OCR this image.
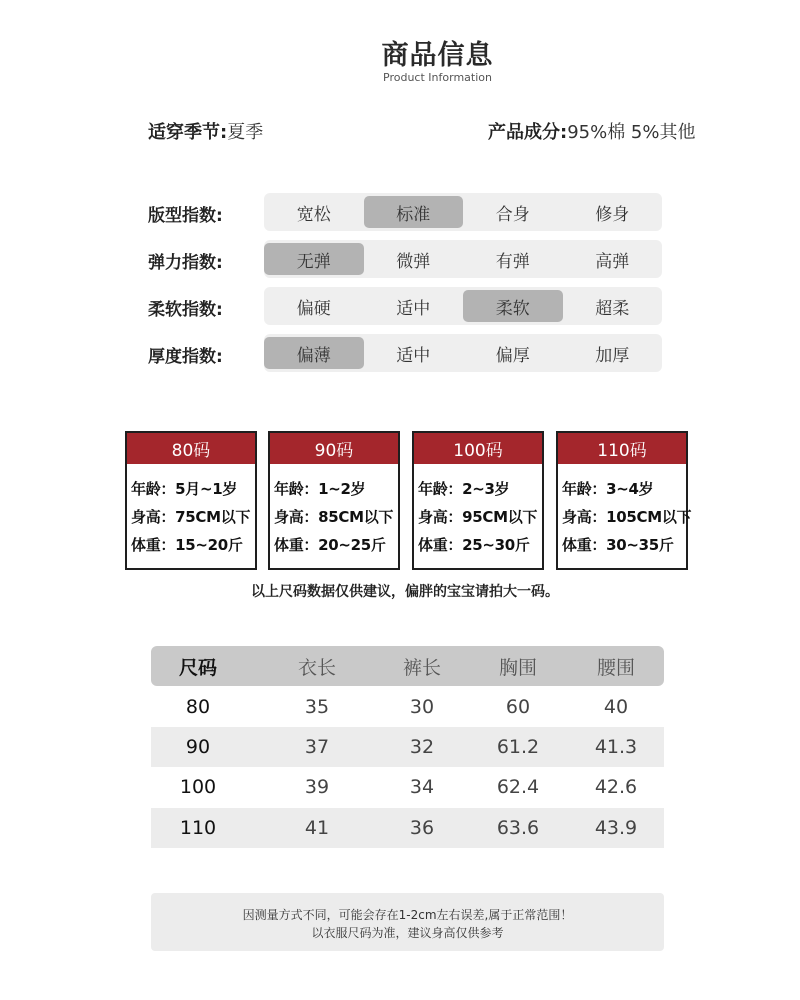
商品信息
Product Information
适穿季节:夏季	产品成分:95%棉 5%其他
版型指数:	宽松	标准	合身	修身
弹力指数:	无弹	微弹	有弹	高弹
柔软指数:	偏硬	适中	柔软	超柔
厚度指数:	偏薄	适中	偏厚	加厚
80码
年龄：5月~1岁
身高：75CM以下
体重：15~20斤
90码
年龄：1~2岁
身高：85CM以下
体重：20~25斤
100码
年龄：2~3岁
身高：95CM以下
体重：25~30斤
110码
年龄：3~4岁
身高：105CM以下
体重：30~35斤
以上尺码数据仅供建议，偏胖的宝宝请拍大一码。
尺码	衣长	裤长	胸围	腰围
80	35	30	60	40
90	37	32	61.2	41.3
100	39	34	62.4	42.6
110	41	36	63.6	43.9
因测量方式不同，可能会存在1-2cm左右误差,属于正常范围！
以衣服尺码为准，建议身高仅供参考
